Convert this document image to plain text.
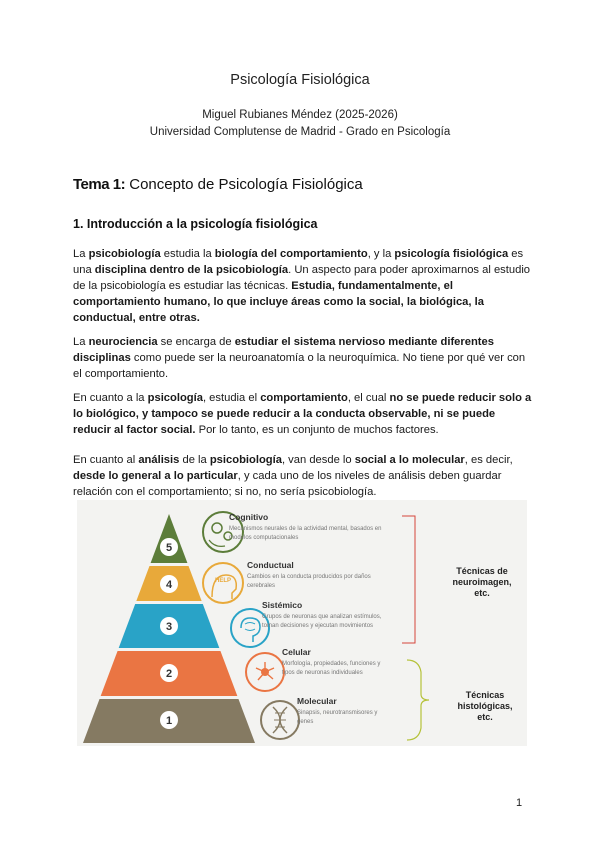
Psicología Fisiológica
Miguel Rubianes Méndez (2025-2026)
Universidad Complutense de Madrid - Grado en Psicología
Tema 1: Concepto de Psicología Fisiológica
1. Introducción a la psicología fisiológica
La psicobiología estudia la biología del comportamiento, y la psicología fisiológica es
una disciplina dentro de la psicobiología. Un aspecto para poder aproximarnos al estudio
de la psicobiología es estudiar las técnicas. Estudia, fundamentalmente, el
comportamiento humano, lo que incluye áreas como la social, la biológica, la
conductual, entre otras.
La neurociencia se encarga de estudiar el sistema nervioso mediante diferentes
disciplinas como puede ser la neuroanatomía o la neuroquímica. No tiene por qué ver con
el comportamiento.
En cuanto a la psicología, estudia el comportamiento, el cual no se puede reducir solo a
lo biológico, y tampoco se puede reducir a la conducta observable, ni se puede
reducir al factor social. Por lo tanto, es un conjunto de muchos factores.
En cuanto al análisis de la psicobiología, van desde lo social a lo molecular, es decir,
desde lo general a lo particular, y cada uno de los niveles de análisis deben guardar
relación con el comportamiento; si no, no sería psicobiología.
5
4
3
2
1
HELP
Cognitivo
Mecanismos neurales de la actividad mental, basados en
modelos computacionales
Conductual
Cambios en la conducta producidos por daños
cerebrales
Sistémico
Grupos de neuronas que analizan estímulos,
toman decisiones y ejecutan movimientos
Celular
Morfología, propiedades, funciones y
tipos de neuronas individuales
Molecular
Sinapsis, neurotransmisores y
genes
Técnicas de
neuroimagen,
etc.
Técnicas
histológicas,
etc.
1
